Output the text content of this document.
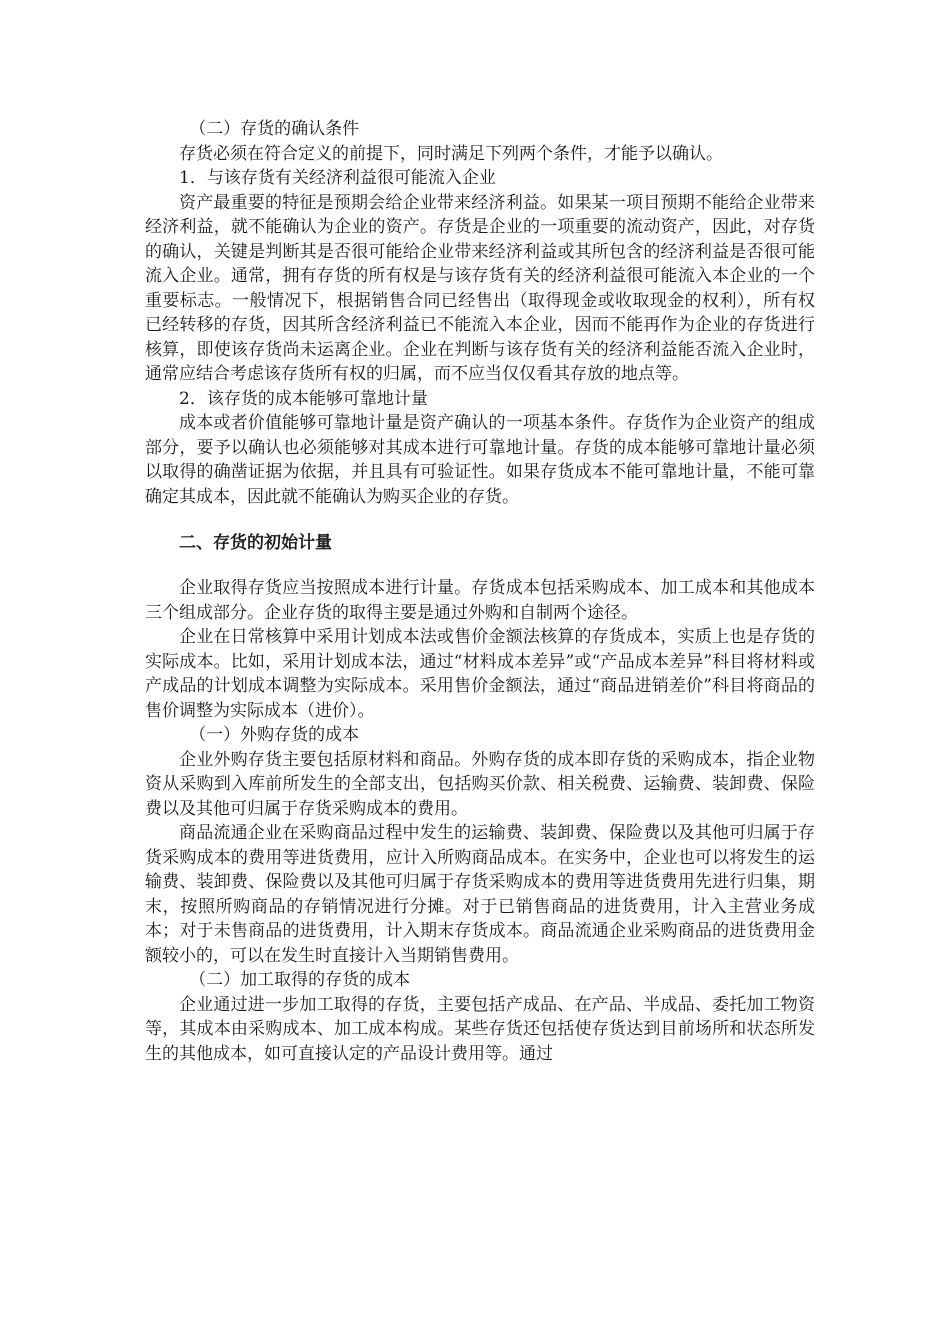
（二）存货的确认条件

存货必须在符合定义的前提下，同时满足下列两个条件，才能予以确认。

1．与该存货有关经济利益很可能流入企业

资产最重要的特征是预期会给企业带来经济利益。如果某一项目预期不能给企业带来经济利益，就不能确认为企业的资产。存货是企业的一项重要的流动资产，因此，对存货的确认，关键是判断其是否很可能给企业带来经济利益或其所包含的经济利益是否很可能流入企业。通常，拥有存货的所有权是与该存货有关的经济利益很可能流入本企业的一个重要标志。一般情况下，根据销售合同已经售出（取得现金或收取现金的权利），所有权已经转移的存货，因其所含经济利益已不能流入本企业，因而不能再作为企业的存货进行核算，即使该存货尚未运离企业。企业在判断与该存货有关的经济利益能否流入企业时，通常应结合考虑该存货所有权的归属，而不应当仅仅看其存放的地点等。

2．该存货的成本能够可靠地计量

成本或者价值能够可靠地计量是资产确认的一项基本条件。存货作为企业资产的组成部分，要予以确认也必须能够对其成本进行可靠地计量。存货的成本能够可靠地计量必须以取得的确凿证据为依据，并且具有可验证性。如果存货成本不能可靠地计量，不能可靠确定其成本，因此就不能确认为购买企业的存货。

二、存货的初始计量

企业取得存货应当按照成本进行计量。存货成本包括采购成本、加工成本和其他成本三个组成部分。企业存货的取得主要是通过外购和自制两个途径。

企业在日常核算中采用计划成本法或售价金额法核算的存货成本，实质上也是存货的实际成本。比如，采用计划成本法，通过“材料成本差异”或“产品成本差异”科目将材料或产成品的计划成本调整为实际成本。采用售价金额法，通过“商品进销差价”科目将商品的售价调整为实际成本（进价）。

（一）外购存货的成本

企业外购存货主要包括原材料和商品。外购存货的成本即存货的采购成本，指企业物资从采购到入库前所发生的全部支出，包括购买价款、相关税费、运输费、装卸费、保险费以及其他可归属于存货采购成本的费用。

商品流通企业在采购商品过程中发生的运输费、装卸费、保险费以及其他可归属于存货采购成本的费用等进货费用，应计入所购商品成本。在实务中，企业也可以将发生的运输费、装卸费、保险费以及其他可归属于存货采购成本的费用等进货费用先进行归集，期末，按照所购商品的存销情况进行分摊。对于已销售商品的进货费用，计入主营业务成本；对于未售商品的进货费用，计入期末存货成本。商品流通企业采购商品的进货费用金额较小的，可以在发生时直接计入当期销售费用。

（二）加工取得的存货的成本

企业通过进一步加工取得的存货，主要包括产成品、在产品、半成品、委托加工物资等，其成本由采购成本、加工成本构成。某些存货还包括使存货达到目前场所和状态所发生的其他成本，如可直接认定的产品设计费用等。通过
